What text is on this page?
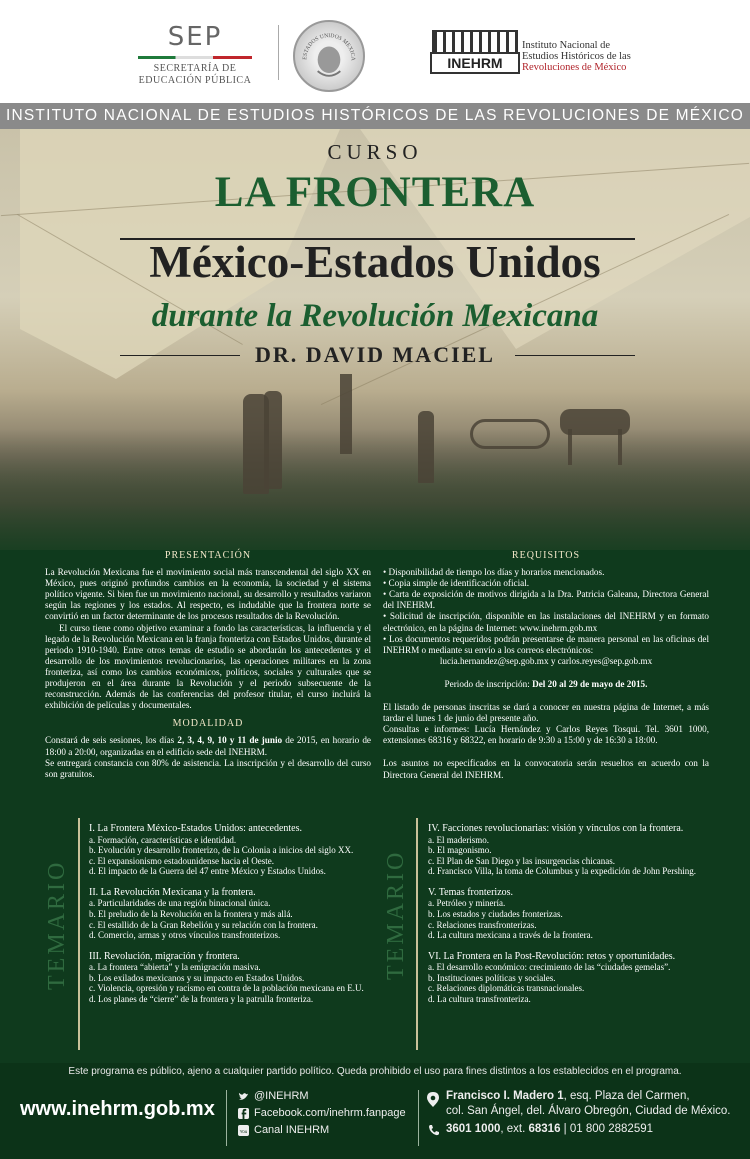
SEP
SECRETARÍA DE
EDUCACIÓN PÚBLICA
ESTADOS UNIDOS MEXICA	INEHRM
Instituto Nacional de
Estudios Históricos de las
Revoluciones de México
INSTITUTO NACIONAL DE ESTUDIOS HISTÓRICOS DE LAS REVOLUCIONES DE MÉXICO
CURSO
LA FRONTERA
México-Estados Unidos
durante la Revolución Mexicana
DR. DAVID MACIEL
PRESENTACIÓN

La Revolución Mexicana fue el movimiento social más transcendental del siglo XX en México, pues originó profundos cambios en la economía, la sociedad y el sistema político vigente. Si bien fue un movimiento nacional, su desarrollo y resultados variaron según las regiones y los estados. Al respecto, es indudable que la frontera norte se convirtió en un factor determinante de los procesos resultados de la Revolución.

El curso tiene como objetivo examinar a fondo las características, la influencia y el legado de la Revolución Mexicana en la franja fronteriza con Estados Unidos, durante el periodo 1910-1940. Entre otros temas de estudio se abordarán los antecedentes y el desarrollo de los movimientos revolucionarios, las operaciones militares en la zona fronteriza, así como los cambios económicos, políticos, sociales y culturales que se produjeron en el área durante la Revolución y el periodo subsecuente de la reconstrucción. Además de las conferencias del profesor titular, el curso incluirá la exhibición de películas y documentales.

MODALIDAD

Constará de seis sesiones, los días 2, 3, 4, 9, 10 y 11 de junio de 2015, en horario de 18:00 a 20:00, organizadas en el edificio sede del INEHRM.

Se entregará constancia con 80% de asistencia. La inscripción y el desarrollo del curso son gratuitos.

REQUISITOS

• Disponibilidad de tiempo los días y horarios mencionados.

• Copia simple de identificación oficial.

• Carta de exposición de motivos dirigida a la Dra. Patricia Galeana, Directora General del INEHRM.

• Solicitud de inscripción, disponible en las instalaciones del INEHRM y en formato electrónico, en la página de Internet: www.inehrm.gob.mx

• Los documentos requeridos podrán presentarse de manera personal en las oficinas del INEHRM o mediante su envío a los correos electrónicos:

lucia.hernandez@sep.gob.mx y carlos.reyes@sep.gob.mx

Periodo de inscripción: Del 20 al 29 de mayo de 2015.

El listado de personas inscritas se dará a conocer en nuestra página de Internet, a más tardar el lunes 1 de junio del presente año.

Consultas e informes: Lucía Hernández y Carlos Reyes Tosqui. Tel. 3601 1000, extensiones 68316 y 68322, en horario de 9:30 a 15:00 y de 16:30 a 18:00.

Los asuntos no especificados en la convocatoria serán resueltos en acuerdo con la Directora General del INEHRM.

TEMARIO
I. La Frontera México-Estados Unidos: antecedentes.
a. Formación, características e identidad.
b. Evolución y desarrollo fronterizo, de la Colonia a inicios del siglo XX.
c. El expansionismo estadounidense hacia el Oeste.
d. El impacto de la Guerra del 47 entre México y Estados Unidos.
II. La Revolución Mexicana y la frontera.
a. Particularidades de una región binacional única.
b. El preludio de la Revolución en la frontera y más allá.
c. El estallido de la Gran Rebelión y su relación con la frontera.
d. Comercio, armas y otros vínculos transfronterizos.
III. Revolución, migración y frontera.
a. La frontera “abierta” y la emigración masiva.
b. Los exilados mexicanos y su impacto en Estados Unidos.
c. Violencia, opresión y racismo en contra de la población mexicana en E.U.
d. Los planes de “cierre” de la frontera y la patrulla fronteriza.
TEMARIO
IV. Facciones revolucionarias: visión y vínculos con la frontera.
a. El maderismo.
b. El magonismo.
c. El Plan de San Diego y las insurgencias chicanas.
d. Francisco Villa, la toma de Columbus y la expedición de John Pershing.
V. Temas fronterizos.
a. Petróleo y minería.
b. Los estados y ciudades fronterizas.
c. Relaciones transfronterizas.
d. La cultura mexicana a través de la frontera.
VI. La Frontera en la Post-Revolución: retos y oportunidades.
a. El desarrollo económico: crecimiento de las “ciudades gemelas”.
b. Instituciones políticas y sociales.
c. Relaciones diplomáticas transnacionales.
d. La cultura transfronteriza.
Este programa es público, ajeno a cualquier partido político. Queda prohibido el uso para fines distintos a los establecidos en el programa.
www.inehrm.gob.mx
@INEHRM
Facebook.com/inehrm.fanpage
You Canal INEHRM
Francisco I. Madero 1, esq. Plaza del Carmen,
col. San Ángel, del. Álvaro Obregón, Ciudad de México.
3601 1000, ext. 68316 | 01 800 2882591
